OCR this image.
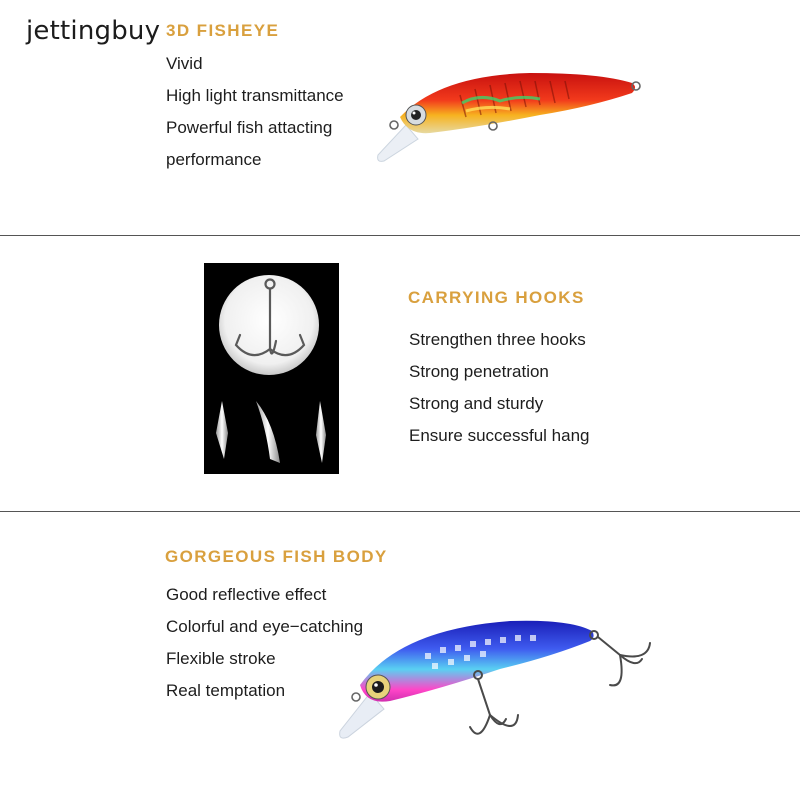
jettingbuy 3D FISHEYE
Vivid
High light transmittance
Powerful fish attacting
performance
CARRYING HOOKS
Strengthen three hooks
Strong penetration
Strong and sturdy
Ensure successful hang
GORGEOUS FISH BODY
Good reflective effect
Colorful and eye−catching
Flexible stroke
Real temptation
